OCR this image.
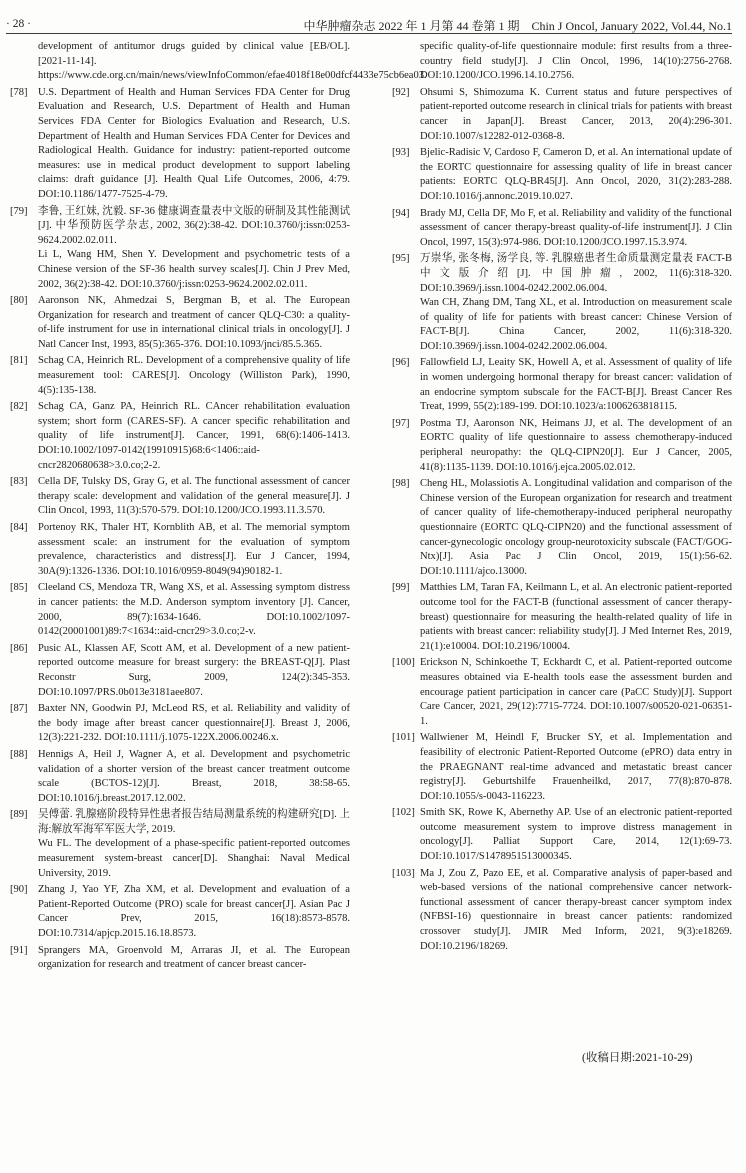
· 28 ·	中华肿瘤杂志 2022 年 1 月第 44 卷第 1 期　Chin J Oncol, January 2022, Vol.44, No.1
development of antitumor drugs guided by clinical value [EB/OL]. [2021-11-14]. https://www.cde.org.cn/main/news/viewInfoCommon/efae4018f18e00dfcf4433e75cb6ea03.
[78] U.S. Department of Health and Human Services FDA Center for Drug Evaluation and Research, U.S. Department of Health and Human Services FDA Center for Biologics Evaluation and Research, U.S. Department of Health and Human Services FDA Center for Devices and Radiological Health. Guidance for industry: patient-reported outcome measures: use in medical product development to support labeling claims: draft guidance [J]. Health Qual Life Outcomes, 2006, 4:79. DOI:10.1186/1477-7525-4-79.
[79] 李鲁, 王红妹, 沈毅. SF-36 健康调查量表中文版的研制及其性能测试[J]. 中华预防医学杂志, 2002, 36(2):38-42. DOI:10.3760/j:issn:0253-9624.2002.02.011.
Li L, Wang HM, Shen Y. Development and psychometric tests of a Chinese version of the SF-36 health survey scales[J]. Chin J Prev Med, 2002, 36(2):38-42. DOI:10.3760/j:issn:0253-9624.2002.02.011.
[80] Aaronson NK, Ahmedzai S, Bergman B, et al. The European Organization for research and treatment of cancer QLQ-C30: a quality-of-life instrument for use in international clinical trials in oncology[J]. J Natl Cancer Inst, 1993, 85(5):365-376. DOI:10.1093/jnci/85.5.365.
[81] Schag CA, Heinrich RL. Development of a comprehensive quality of life measurement tool: CARES[J]. Oncology (Williston Park), 1990, 4(5):135-138.
[82] Schag CA, Ganz PA, Heinrich RL. CAncer rehabilitation evaluation system; short form (CARES-SF). A cancer specific rehabilitation and quality of life instrument[J]. Cancer, 1991, 68(6):1406-1413. DOI:10.1002/1097-0142(19910915)68:6<1406::aid-cncr2820680638>3.0.co;2-2.
[83] Cella DF, Tulsky DS, Gray G, et al. The functional assessment of cancer therapy scale: development and validation of the general measure[J]. J Clin Oncol, 1993, 11(3):570-579. DOI:10.1200/JCO.1993.11.3.570.
[84] Portenoy RK, Thaler HT, Kornblith AB, et al. The memorial symptom assessment scale: an instrument for the evaluation of symptom prevalence, characteristics and distress[J]. Eur J Cancer, 1994, 30A(9):1326-1336. DOI:10.1016/0959-8049(94)90182-1.
[85] Cleeland CS, Mendoza TR, Wang XS, et al. Assessing symptom distress in cancer patients: the M.D. Anderson symptom inventory [J]. Cancer, 2000, 89(7):1634-1646. DOI:10.1002/1097-0142(20001001)89:7<1634::aid-cncr29>3.0.co;2-v.
[86] Pusic AL, Klassen AF, Scott AM, et al. Development of a new patient-reported outcome measure for breast surgery: the BREAST-Q[J]. Plast Reconstr Surg, 2009, 124(2):345-353. DOI:10.1097/PRS.0b013e3181aee807.
[87] Baxter NN, Goodwin PJ, McLeod RS, et al. Reliability and validity of the body image after breast cancer questionnaire[J]. Breast J, 2006, 12(3):221-232. DOI:10.1111/j.1075-122X.2006.00246.x.
[88] Hennigs A, Heil J, Wagner A, et al. Development and psychometric validation of a shorter version of the breast cancer treatment outcome scale (BCTOS-12)[J]. Breast, 2018, 38:58-65. DOI:10.1016/j.breast.2017.12.002.
[89] 吴傅蕾. 乳腺癌阶段特异性患者报告结局测量系统的构建研究[D]. 上海:解放军海军军医大学, 2019.
Wu FL. The development of a phase-specific patient-reported outcomes measurement system-breast cancer[D]. Shanghai: Naval Medical University, 2019.
[90] Zhang J, Yao YF, Zha XM, et al. Development and evaluation of a Patient-Reported Outcome (PRO) scale for breast cancer[J]. Asian Pac J Cancer Prev, 2015, 16(18):8573-8578. DOI:10.7314/apjcp.2015.16.18.8573.
[91] Sprangers MA, Groenvold M, Arraras JI, et al. The European organization for research and treatment of cancer breast cancer-
specific quality-of-life questionnaire module: first results from a three-country field study[J]. J Clin Oncol, 1996, 14(10):2756-2768. DOI:10.1200/JCO.1996.14.10.2756.
[92] Ohsumi S, Shimozuma K. Current status and future perspectives of patient-reported outcome research in clinical trials for patients with breast cancer in Japan[J]. Breast Cancer, 2013, 20(4):296-301. DOI:10.1007/s12282-012-0368-8.
[93] Bjelic-Radisic V, Cardoso F, Cameron D, et al. An international update of the EORTC questionnaire for assessing quality of life in breast cancer patients: EORTC QLQ-BR45[J]. Ann Oncol, 2020, 31(2):283-288. DOI:10.1016/j.annonc.2019.10.027.
[94] Brady MJ, Cella DF, Mo F, et al. Reliability and validity of the functional assessment of cancer therapy-breast quality-of-life instrument[J]. J Clin Oncol, 1997, 15(3):974-986. DOI:10.1200/JCO.1997.15.3.974.
[95] 万崇华, 张冬梅, 汤学良, 等. 乳腺癌患者生命质量测定量表 FACT-B 中文版介绍[J]. 中国肿瘤, 2002, 11(6):318-320. DOI:10.3969/j.issn.1004-0242.2002.06.004.
Wan CH, Zhang DM, Tang XL, et al. Introduction on measurement scale of quality of life for patients with breast cancer: Chinese Version of FACT-B[J]. China Cancer, 2002, 11(6):318-320. DOI:10.3969/j.issn.1004-0242.2002.06.004.
[96] Fallowfield LJ, Leaity SK, Howell A, et al. Assessment of quality of life in women undergoing hormonal therapy for breast cancer: validation of an endocrine symptom subscale for the FACT-B[J]. Breast Cancer Res Treat, 1999, 55(2):189-199. DOI:10.1023/a:1006263818115.
[97] Postma TJ, Aaronson NK, Heimans JJ, et al. The development of an EORTC quality of life questionnaire to assess chemotherapy-induced peripheral neuropathy: the QLQ-CIPN20[J]. Eur J Cancer, 2005, 41(8):1135-1139. DOI:10.1016/j.ejca.2005.02.012.
[98] Cheng HL, Molassiotis A. Longitudinal validation and comparison of the Chinese version of the European organization for research and treatment of cancer quality of life-chemotherapy-induced peripheral neuropathy questionnaire (EORTC QLQ-CIPN20) and the functional assessment of cancer-gynecologic oncology group-neurotoxicity subscale (FACT/GOG-Ntx)[J]. Asia Pac J Clin Oncol, 2019, 15(1):56-62. DOI:10.1111/ajco.13000.
[99] Matthies LM, Taran FA, Keilmann L, et al. An electronic patient-reported outcome tool for the FACT-B (functional assessment of cancer therapy-breast) questionnaire for measuring the health-related quality of life in patients with breast cancer: reliability study[J]. J Med Internet Res, 2019, 21(1):e10004. DOI:10.2196/10004.
[100] Erickson N, Schinkoethe T, Eckhardt C, et al. Patient-reported outcome measures obtained via E-health tools ease the assessment burden and encourage patient participation in cancer care (PaCC Study)[J]. Support Care Cancer, 2021, 29(12):7715-7724. DOI:10.1007/s00520-021-06351-1.
[101] Wallwiener M, Heindl F, Brucker SY, et al. Implementation and feasibility of electronic Patient-Reported Outcome (ePRO) data entry in the PRAEGNANT real-time advanced and metastatic breast cancer registry[J]. Geburtshilfe Frauenheilkd, 2017, 77(8):870-878. DOI:10.1055/s-0043-116223.
[102] Smith SK, Rowe K, Abernethy AP. Use of an electronic patient-reported outcome measurement system to improve distress management in oncology[J]. Palliat Support Care, 2014, 12(1):69-73. DOI:10.1017/S1478951513000345.
[103] Ma J, Zou Z, Pazo EE, et al. Comparative analysis of paper-based and web-based versions of the national comprehensive cancer network-functional assessment of cancer therapy-breast cancer symptom index (NFBSI-16) questionnaire in breast cancer patients: randomized crossover study[J]. JMIR Med Inform, 2021, 9(3):e18269. DOI:10.2196/18269.
(收稿日期:2021-10-29)
